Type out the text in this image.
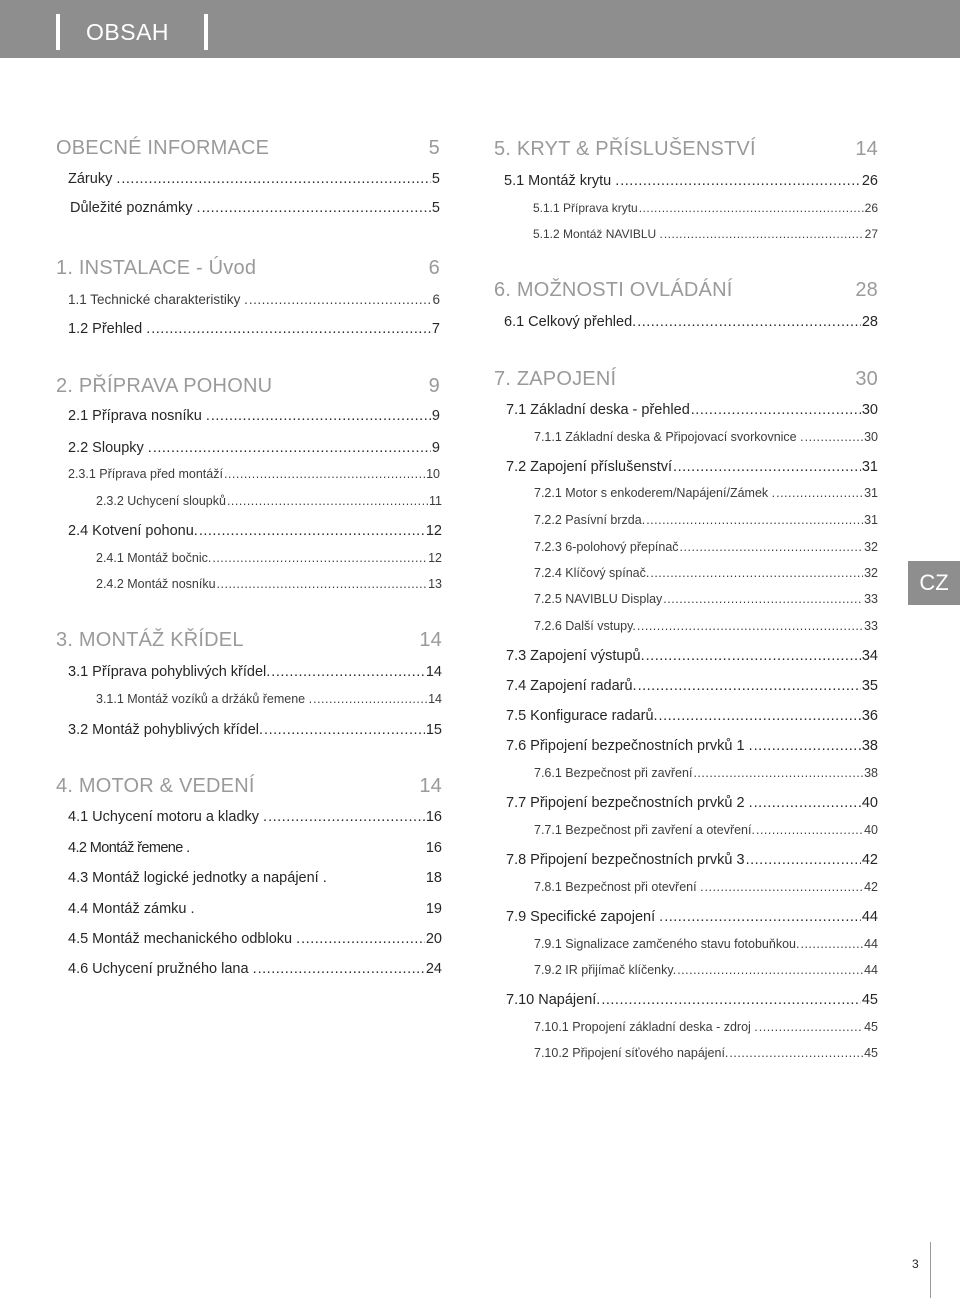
OBSAH
OBECNÉ INFORMACE	5
Záruky . .....	5
Důležité poznámky . .....	5
1. INSTALACE - Úvod	6
1.1 Technické charakteristiky . .....	6
1.2 Přehled . .....	7
2. PŘÍPRAVA POHONU	9
2.1 Příprava nosníku . .....	9
2.2 Sloupky . .....	9
2.3.1 Příprava před montáží .....	10
2.3.2 Uchycení sloupků .....	11
2.4 Kotvení pohonu. .....	12
2.4.1 Montáž bočnic. .....	12
2.4.2 Montáž nosníku .....	13
3. MONTÁŽ KŘÍDEL	14
3.1 Příprava pohyblivých křídel. .....	14
3.1.1 Montáž vozíků a držáků řemene . .....	14
3.2 Montáž pohyblivých křídel. .....	15
4. MOTOR & VEDENÍ	14
4.1 Uchycení motoru a kladky . .....	16
4.2 Montáž řemene .	16
4.3 Montáž logické jednotky a napájení .	18
4.4 Montáž zámku .	19
4.5 Montáž mechanického odbloku . .....	20
4.6 Uchycení pružného lana . .....	24
5. KRYT & PŘÍSLUŠENSTVÍ	14
5.1 Montáž krytu . .....	26
5.1.1 Příprava krytu .....	26
5.1.2 Montáž NAVIBLU . .....	27
6. MOŽNOSTI OVLÁDÁNÍ	28
6.1 Celkový přehled. .....	28
7. ZAPOJENÍ	30
7.1 Základní deska - přehled .....	30
7.1.1 Základní deska & Připojovací svorkovnice . .....	30
7.2 Zapojení příslušenství .....	31
7.2.1 Motor s enkoderem/Napájení/Zámek . .....	31
7.2.2 Pasívní brzda. .....	31
7.2.3 6-polohový přepínač .....	32
7.2.4 Klíčový spínač. .....	32
7.2.5 NAVIBLU Display .....	33
7.2.6 Další vstupy. .....	33
7.3 Zapojení výstupů. .....	34
7.4 Zapojení radarů. .....	35
7.5 Konfigurace radarů. .....	36
7.6 Připojení bezpečnostních prvků 1 . .....	38
7.6.1 Bezpečnost při zavření .....	38
7.7 Připojení bezpečnostních prvků 2 . .....	40
7.7.1 Bezpečnost při zavření a otevření. .....	40
7.8 Připojení bezpečnostních prvků 3 .....	42
7.8.1 Bezpečnost při otevření . .....	42
7.9 Specifické zapojení . .....	44
7.9.1 Signalizace zamčeného stavu fotobuňkou. .....	44
7.9.2 IR přijímač klíčenky. .....	44
7.10 Napájení. .....	45
7.10.1 Propojení základní deska - zdroj . .....	45
7.10.2 Připojení síťového napájení. .....	45
CZ
3
